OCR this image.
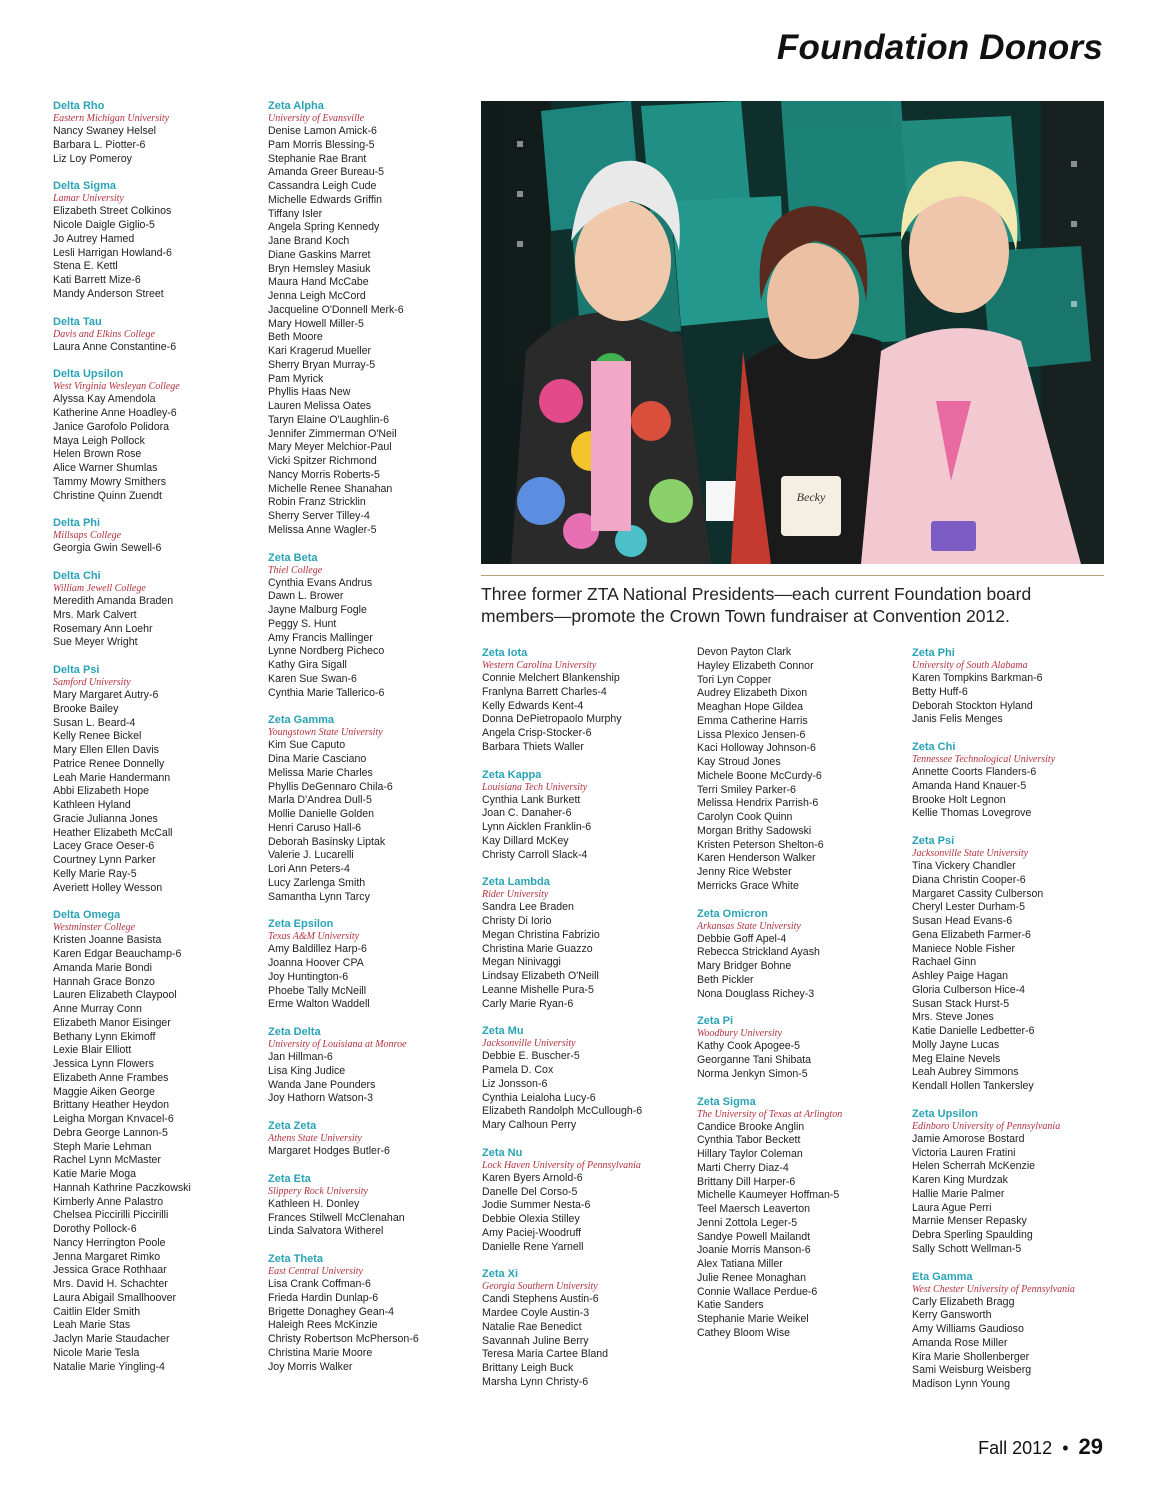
Foundation Donors
Delta Rho
Eastern Michigan University
Nancy Swaney Helsel
Barbara L. Piotter-6
Liz Loy Pomeroy
Delta Sigma
Lamar University
Elizabeth Street Colkinos
Nicole Daigle Giglio-5
Jo Autrey Hamed
Lesli Harrigan Howland-6
Stena E. Kettl
Kati Barrett Mize-6
Mandy Anderson Street
Delta Tau
Davis and Elkins College
Laura Anne Constantine-6
Delta Upsilon
West Virginia Wesleyan College
Alyssa Kay Amendola
Katherine Anne Hoadley-6
Janice Garofolo Polidora
Maya Leigh Pollock
Helen Brown Rose
Alice Warner Shumlas
Tammy Mowry Smithers
Christine Quinn Zuendt
Delta Phi
Millsaps College
Georgia Gwin Sewell-6
Delta Chi
William Jewell College
Meredith Amanda Braden
Mrs. Mark Calvert
Rosemary Ann Loehr
Sue Meyer Wright
Delta Psi
Samford University
Mary Margaret Autry-6
Brooke Bailey
Susan L. Beard-4
Kelly Renee Bickel
Mary Ellen Ellen Davis
Patrice Renee Donnelly
Leah Marie Handermann
Abbi Elizabeth Hope
Kathleen Hyland
Gracie Julianna Jones
Heather Elizabeth McCall
Lacey Grace Oeser-6
Courtney Lynn Parker
Kelly Marie Ray-5
Averiett Holley Wesson
Delta Omega
Westminster College
Kristen Joanne Basista
Karen Edgar Beauchamp-6
Amanda Marie Bondi
Hannah Grace Bonzo
Lauren Elizabeth Claypool
Anne Murray Conn
Elizabeth Manor Eisinger
Bethany Lynn Ekimoff
Lexie Blair Elliott
Jessica Lynn Flowers
Elizabeth Anne Frambes
Maggie Aiken George
Brittany Heather Heydon
Leigha Morgan Knvacel-6
Debra George Lannon-5
Steph Marie Lehman
Rachel Lynn McMaster
Katie Marie Moga
Hannah Kathrine Paczkowski
Kimberly Anne Palastro
Chelsea Piccirilli Piccirilli
Dorothy Pollock-6
Nancy Herrington Poole
Jenna Margaret Rimko
Jessica Grace Rothhaar
Mrs. David H. Schachter
Laura Abigail Smallhoover
Caitlin Elder Smith
Leah Marie Stas
Jaclyn Marie Staudacher
Nicole Marie Tesla
Natalie Marie Yingling-4
Zeta Alpha
University of Evansville
Denise Lamon Amick-6
Pam Morris Blessing-5
Stephanie Rae Brant
Amanda Greer Bureau-5
Cassandra Leigh Cude
Michelle Edwards Griffin
Tiffany Isler
Angela Spring Kennedy
Jane Brand Koch
Diane Gaskins Marret
Bryn Hemsley Masiuk
Maura Hand McCabe
Jenna Leigh McCord
Jacqueline O'Donnell Merk-6
Mary Howell Miller-5
Beth Moore
Kari Kragerud Mueller
Sherry Bryan Murray-5
Pam Myrick
Phyllis Haas New
Lauren Melissa Oates
Taryn Elaine O'Laughlin-6
Jennifer Zimmerman O'Neil
Mary Meyer Melchior-Paul
Vicki Spitzer Richmond
Nancy Morris Roberts-5
Michelle Renee Shanahan
Robin Franz Stricklin
Sherry Server Tilley-4
Melissa Anne Wagler-5
Zeta Beta
Thiel College
Cynthia Evans Andrus
Dawn L. Brower
Jayne Malburg Fogle
Peggy S. Hunt
Amy Francis Mallinger
Lynne Nordberg Picheco
Kathy Gira Sigall
Karen Sue Swan-6
Cynthia Marie Tallerico-6
Zeta Gamma
Youngstown State University
Kim Sue Caputo
Dina Marie Casciano
Melissa Marie Charles
Phyllis DeGennaro Chila-6
Marla D'Andrea Dull-5
Mollie Danielle Golden
Henri Caruso Hall-6
Deborah Basinsky Liptak
Valerie J. Lucarelli
Lori Ann Peters-4
Lucy Zarlenga Smith
Samantha Lynn Tarcy
Zeta Epsilon
Texas A&M University
Amy Baldillez Harp-6
Joanna Hoover CPA
Joy Huntington-6
Phoebe Tally McNeill
Erme Walton Waddell
Zeta Delta
University of Louisiana at Monroe
Jan Hillman-6
Lisa King Judice
Wanda Jane Pounders
Joy Hathorn Watson-3
Zeta Zeta
Athens State University
Margaret Hodges Butler-6
Zeta Eta
Slippery Rock University
Kathleen H. Donley
Frances Stilwell McClenahan
Linda Salvatora Witherel
Zeta Theta
East Central University
Lisa Crank Coffman-6
Frieda Hardin Dunlap-6
Brigette Donaghey Gean-4
Haleigh Rees McKinzie
Christy Robertson McPherson-6
Christina Marie Moore
Joy Morris Walker
Zeta Iota
Western Carolina University
Connie Melchert Blankenship
Franlyna Barrett Charles-4
Kelly Edwards Kent-4
Donna DePietropaolo Murphy
Angela Crisp-Stocker-6
Barbara Thiets Waller
Zeta Kappa
Louisiana Tech University
Cynthia Lank Burkett
Joan C. Danaher-6
Lynn Aicklen Franklin-6
Kay Dillard McKey
Christy Carroll Slack-4
Zeta Lambda
Rider University
Sandra Lee Braden
Christy Di Iorio
Megan Christina Fabrizio
Christina Marie Guazzo
Megan Ninivaggi
Lindsay Elizabeth O'Neill
Leanne Mishelle Pura-5
Carly Marie Ryan-6
Zeta Mu
Jacksonville University
Debbie E. Buscher-5
Pamela D. Cox
Liz Jonsson-6
Cynthia Leialoha Lucy-6
Elizabeth Randolph McCullough-6
Mary Calhoun Perry
Zeta Nu
Lock Haven University of Pennsylvania
Karen Byers Arnold-6
Danelle Del Corso-5
Jodie Summer Nesta-6
Debbie Olexia Stilley
Amy Paciej-Woodruff
Danielle Rene Yarnell
Zeta Xi
Georgia Southern University
Candi Stephens Austin-6
Mardee Coyle Austin-3
Natalie Rae Benedict
Savannah Juline Berry
Teresa Maria Cartee Bland
Brittany Leigh Buck
Marsha Lynn Christy-6
Devon Payton Clark
Hayley Elizabeth Connor
Tori Lyn Copper
Audrey Elizabeth Dixon
Meaghan Hope Gildea
Emma Catherine Harris
Lissa Plexico Jensen-6
Kaci Holloway Johnson-6
Kay Stroud Jones
Michele Boone McCurdy-6
Terri Smiley Parker-6
Melissa Hendrix Parrish-6
Carolyn Cook Quinn
Morgan Brithy Sadowski
Kristen Peterson Shelton-6
Karen Henderson Walker
Jenny Rice Webster
Merricks Grace White
Zeta Omicron
Arkansas State University
Debbie Goff Apel-4
Rebecca Strickland Ayash
Mary Bridger Bohne
Beth Pickler
Nona Douglass Richey-3
Zeta Pi
Woodbury University
Kathy Cook Apogee-5
Georganne Tani Shibata
Norma Jenkyn Simon-5
Zeta Sigma
The University of Texas at Arlington
Candice Brooke Anglin
Cynthia Tabor Beckett
Hillary Taylor Coleman
Marti Cherry Diaz-4
Brittany Dill Harper-6
Michelle Kaumeyer Hoffman-5
Teel Maersch Leaverton
Jenni Zottola Leger-5
Sandye Powell Mailandt
Joanie Morris Manson-6
Alex Tatiana Miller
Julie Renee Monaghan
Connie Wallace Perdue-6
Katie Sanders
Stephanie Marie Weikel
Cathey Bloom Wise
Zeta Phi
University of South Alabama
Karen Tompkins Barkman-6
Betty Huff-6
Deborah Stockton Hyland
Janis Felis Menges
Zeta Chi
Tennessee Technological University
Annette Coorts Flanders-6
Amanda Hand Knauer-5
Brooke Holt Legnon
Kellie Thomas Lovegrove
Zeta Psi
Jacksonville State University
Tina Vickery Chandler
Diana Christin Cooper-6
Margaret Cassity Culberson
Cheryl Lester Durham-5
Susan Head Evans-6
Gena Elizabeth Farmer-6
Maniece Noble Fisher
Rachael Ginn
Ashley Paige Hagan
Gloria Culberson Hice-4
Susan Stack Hurst-5
Mrs. Steve Jones
Katie Danielle Ledbetter-6
Molly Jayne Lucas
Meg Elaine Nevels
Leah Aubrey Simmons
Kendall Hollen Tankersley
Zeta Upsilon
Edinboro University of Pennsylvania
Jamie Amorose Bostard
Victoria Lauren Fratini
Helen Scherrah McKenzie
Karen King Murdzak
Hallie Marie Palmer
Laura Ague Perri
Marnie Menser Repasky
Debra Sperling Spaulding
Sally Schott Wellman-5
Eta Gamma
West Chester University of Pennsylvania
Carly Elizabeth Bragg
Kerry Gansworth
Amy Williams Gaudioso
Amanda Rose Miller
Kira Marie Shollenberger
Sami Weisburg Weisberg
Madison Lynn Young
Becky
Three former ZTA National Presidents—each current Foundation board members—promote the Crown Town fundraiser at Convention 2012.
Fall 2012 • 29
